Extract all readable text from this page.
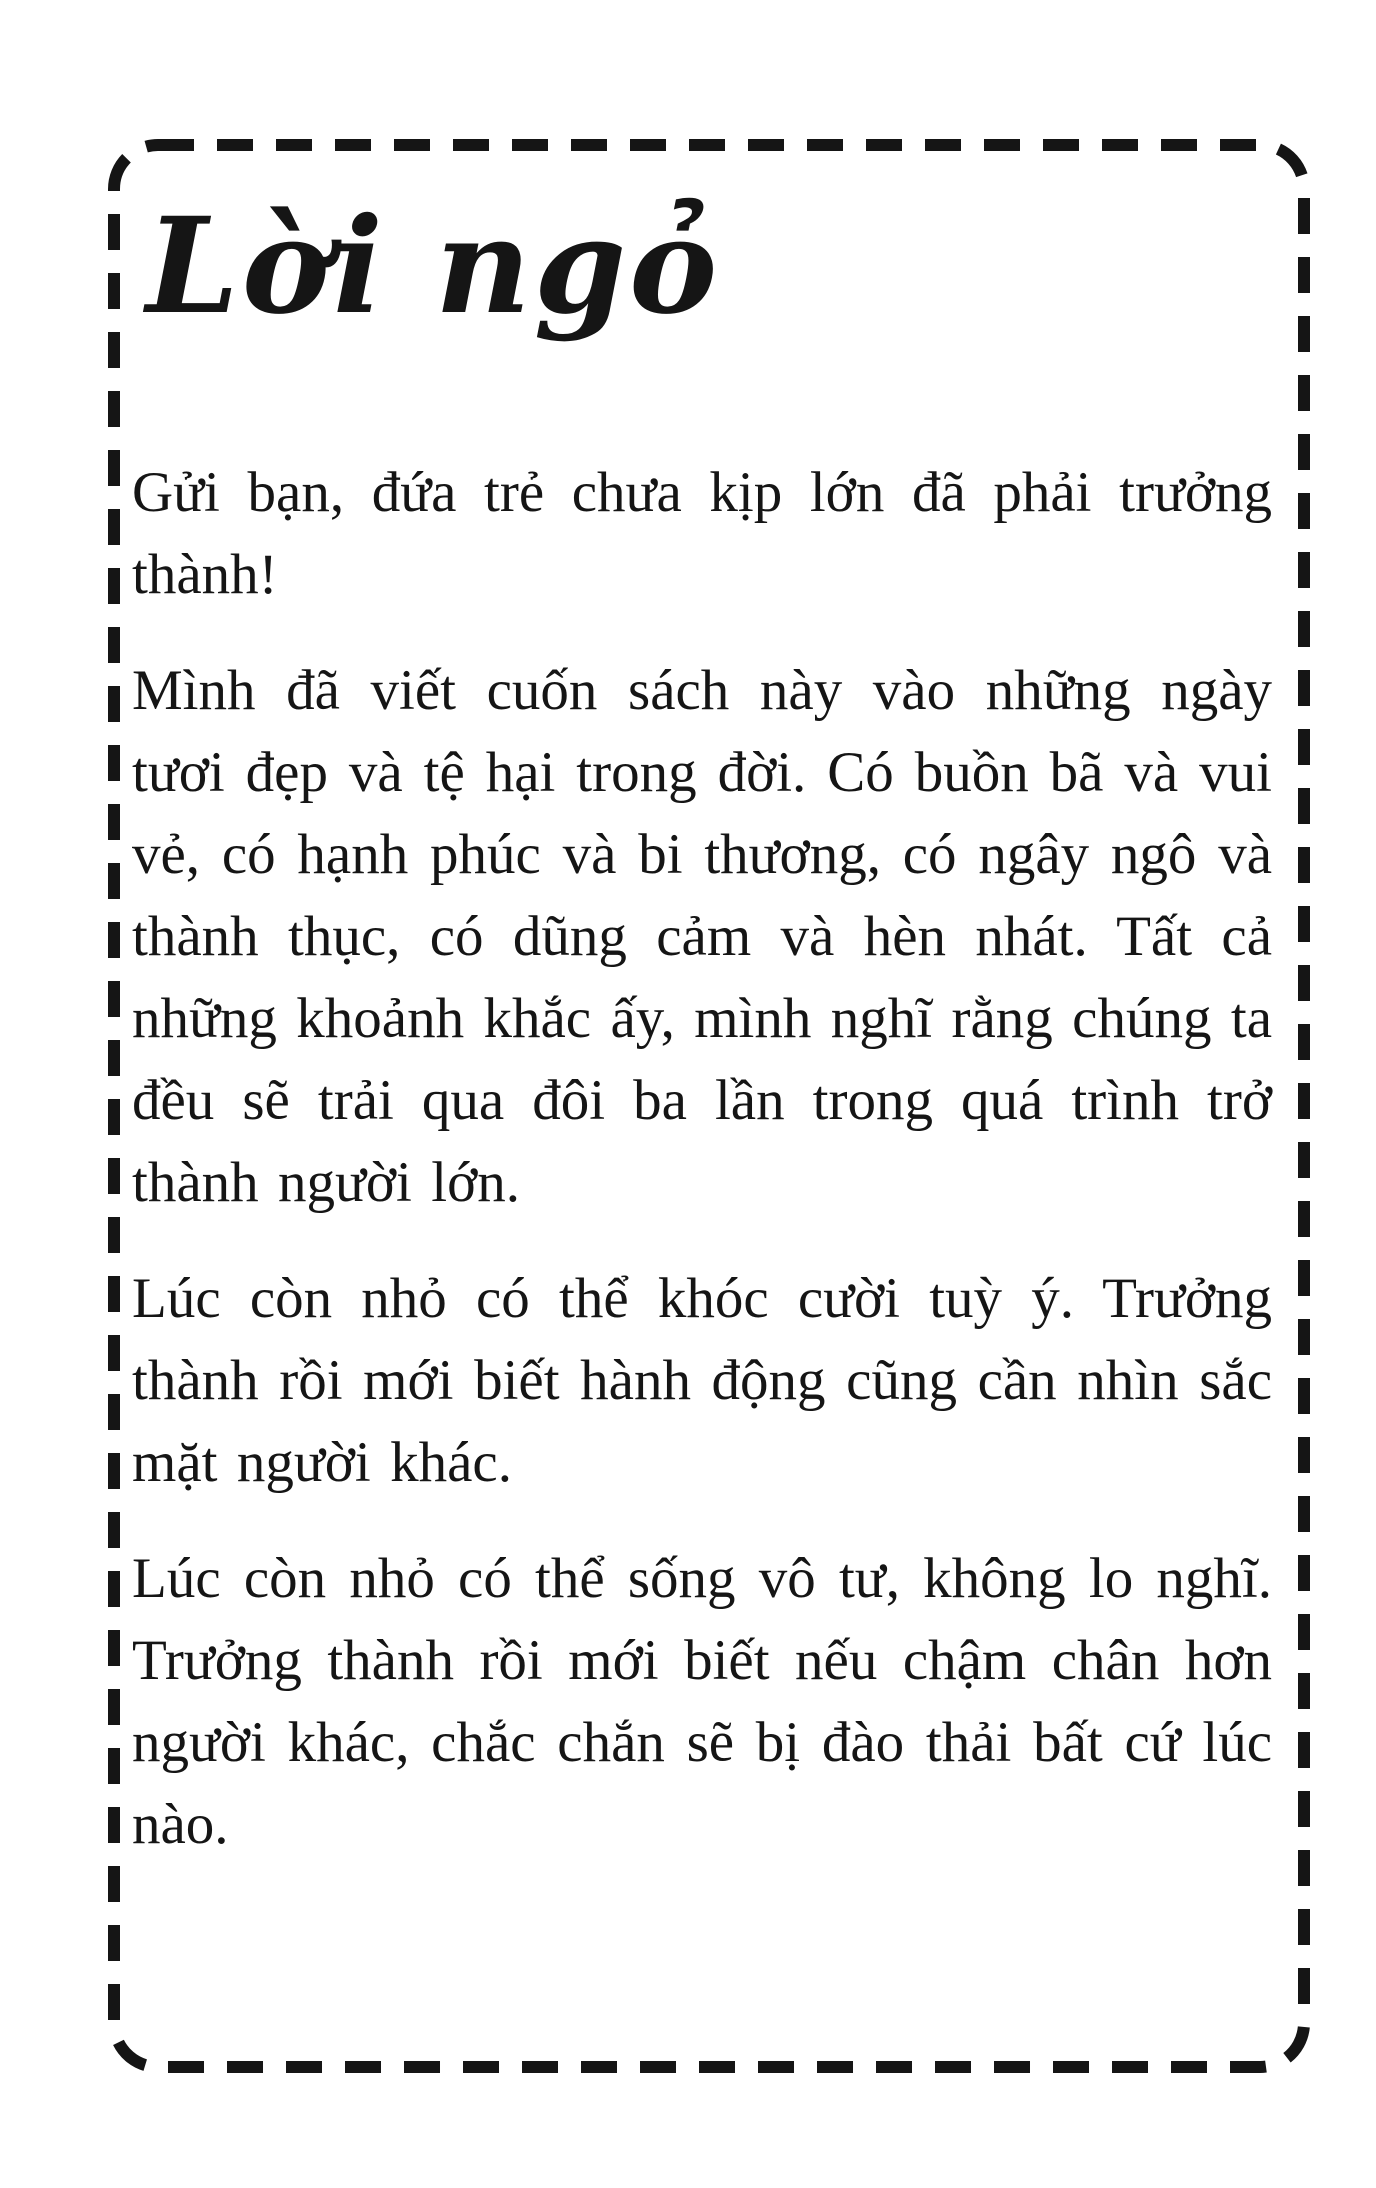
Lời ngỏ

Gửi bạn, đứa trẻ chưa kịp lớn đã phải trưởng thành!

Mình đã viết cuốn sách này vào những ngày tươi đẹp và tệ hại trong đời. Có buồn bã và vui vẻ, có hạnh phúc và bi thương, có ngây ngô và thành thục, có dũng cảm và hèn nhát. Tất cả những khoảnh khắc ấy, mình nghĩ rằng chúng ta đều sẽ trải qua đôi ba lần trong quá trình trở thành người lớn.

Lúc còn nhỏ có thể khóc cười tuỳ ý. Trưởng thành rồi mới biết hành động cũng cần nhìn sắc mặt người khác.

Lúc còn nhỏ có thể sống vô tư, không lo nghĩ. Trưởng thành rồi mới biết nếu chậm chân hơn người khác, chắc chắn sẽ bị đào thải bất cứ lúc nào.
